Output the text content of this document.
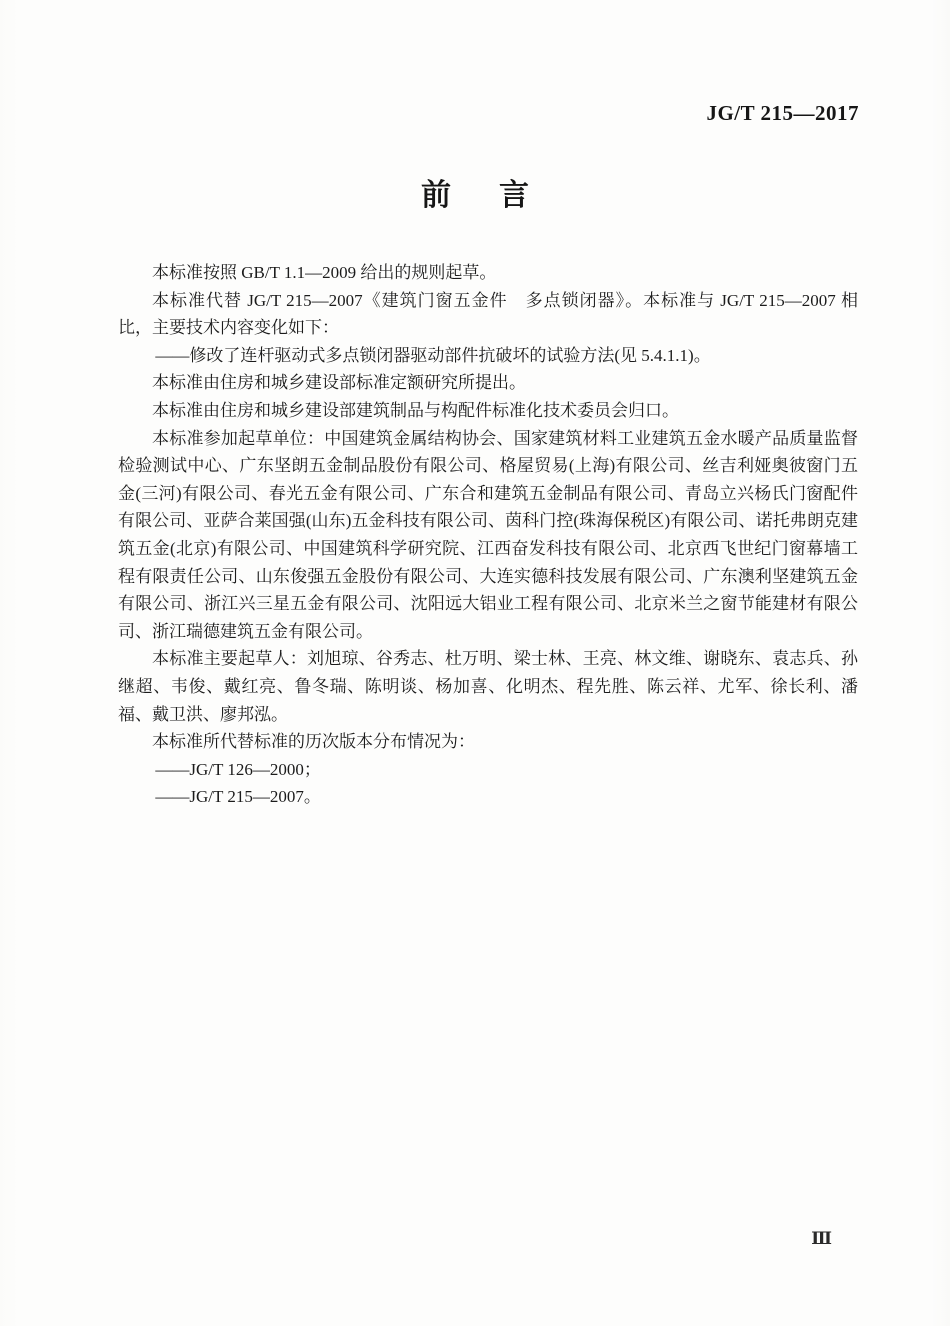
JG/T 215—2017
前言

本标准按照 GB/T 1.1—2009 给出的规则起草。

本标准代替 JG/T 215—2007《建筑门窗五金件　多点锁闭器》。本标准与 JG/T 215—2007 相比，主要技术内容变化如下：

——修改了连杆驱动式多点锁闭器驱动部件抗破坏的试验方法(见 5.4.1.1)。

本标准由住房和城乡建设部标准定额研究所提出。

本标准由住房和城乡建设部建筑制品与构配件标准化技术委员会归口。

本标准参加起草单位：中国建筑金属结构协会、国家建筑材料工业建筑五金水暖产品质量监督检验测试中心、广东坚朗五金制品股份有限公司、格屋贸易(上海)有限公司、丝吉利娅奥彼窗门五金(三河)有限公司、春光五金有限公司、广东合和建筑五金制品有限公司、青岛立兴杨氏门窗配件有限公司、亚萨合莱国强(山东)五金科技有限公司、茵科门控(珠海保税区)有限公司、诺托弗朗克建筑五金(北京)有限公司、中国建筑科学研究院、江西奋发科技有限公司、北京西飞世纪门窗幕墙工程有限责任公司、山东俊强五金股份有限公司、大连实德科技发展有限公司、广东澳利坚建筑五金有限公司、浙江兴三星五金有限公司、沈阳远大铝业工程有限公司、北京米兰之窗节能建材有限公司、浙江瑞德建筑五金有限公司。

本标准主要起草人：刘旭琼、谷秀志、杜万明、梁士林、王亮、林文维、谢晓东、袁志兵、孙继超、韦俊、戴红亮、鲁冬瑞、陈明谈、杨加喜、化明杰、程先胜、陈云祥、尤军、徐长利、潘福、戴卫洪、廖邦泓。

本标准所代替标准的历次版本分布情况为：

——JG/T 126—2000；

——JG/T 215—2007。

Ⅲ
